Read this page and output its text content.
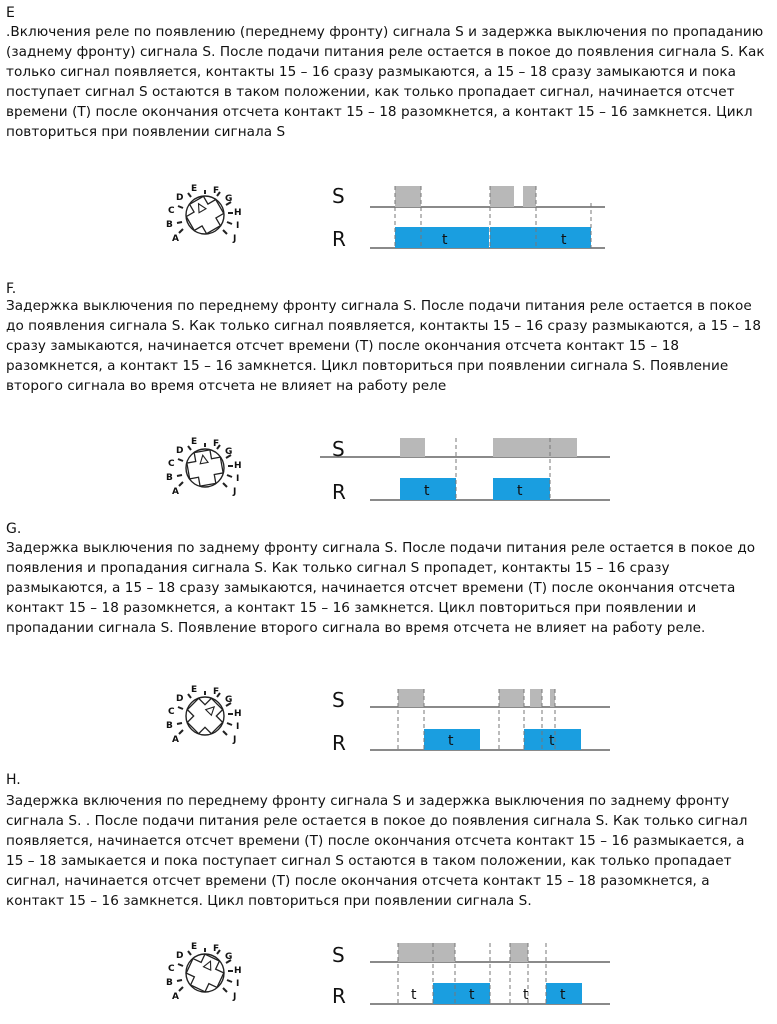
E

.Включения реле по появлению (переднему фронту) сигнала S и задержка выключения по пропаданию (заднему фронту) сигнала S. После подачи питания реле остается в покое до появления сигнала S. Как только сигнал появляется, контакты 15 – 16 сразу размыкаются, а 15 – 18 сразу замыкаются и пока поступает сигнал S остаются в таком положении, как только пропадает сигнал, начинается отсчет времени (T) после окончания отсчета контакт 15 – 18 разомкнется, а контакт 15 – 16 замкнется. Цикл повториться при появлении сигнала S

A
B
C
D
E F
G
H
I
J
S
R	t	t
F.

Задержка выключения по переднему фронту сигнала S. После подачи питания реле остается в покое до появления сигнала S. Как только сигнал появляется, контакты 15 – 16 сразу размыкаются, а 15 – 18 сразу замыкаются, начинается отсчет времени (T) после окончания отсчета контакт 15 – 18 разомкнется, а контакт 15 – 16 замкнется. Цикл повториться при появлении сигнала S. Появление второго сигнала во время отсчета не влияет на работу реле

A
B
C
D
E F
G
H
I
J
S
R	t	t
G.

Задержка выключения по заднему фронту сигнала S. После подачи питания реле остается в покое до появления и пропадания сигнала S. Как только сигнал S пропадет, контакты 15 – 16 сразу размыкаются, а 15 – 18 сразу замыкаются, начинается отсчет времени (T) после окончания отсчета контакт 15 – 18 разомкнется, а контакт 15 – 16 замкнется. Цикл повториться при появлении и пропадании сигнала S. Появление второго сигнала во время отсчета не влияет на работу реле.

A
B
C
D
E F
G
H
I
J
S
R	t	t
H.

Задержка включения по переднему фронту сигнала S и задержка выключения по заднему фронту сигнала S. . После подачи питания реле остается в покое до появления сигнала S. Как только сигнал появляется, начинается отсчет времени (T) после окончания отсчета контакт 15 – 16 размыкается, а 15 – 18 замыкается и пока поступает сигнал S остаются в таком положении, как только пропадает сигнал, начинается отсчет времени (T) после окончания отсчета контакт 15 – 18 разомкнется, а контакт 15 – 16 замкнется. Цикл повториться при появлении сигнала S.

A
B
C
D
E F
G
H
I
J
S
R	t	t	t t
